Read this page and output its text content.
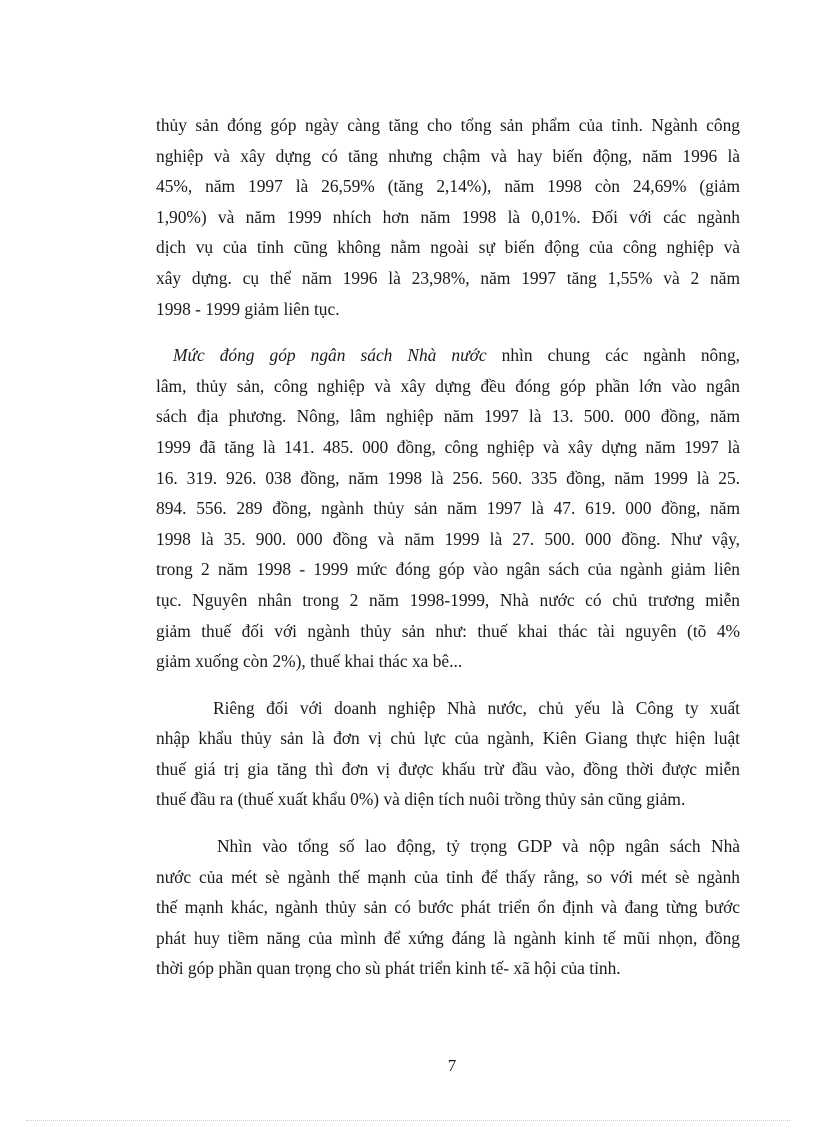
thủy sản đóng góp ngày càng tăng cho tổng sản phẩm của tỉnh. Ngành công
nghiệp và xây dựng có tăng nhưng chậm và hay biến động, năm 1996 là
45%, năm 1997 là 26,59% (tăng 2,14%), năm 1998 còn 24,69% (giảm
1,90%) và năm 1999 nhích hơn năm 1998 là 0,01%. Đối với các ngành
dịch vụ của tỉnh cũng không nằm ngoài sự biến động của công nghiệp và
xây dựng. cụ thể năm 1996 là 23,98%, năm 1997 tăng 1,55% và 2 năm
1998 - 1999 giảm liên tục.
Mức đóng góp ngân sách Nhà nước nhìn chung các ngành nông,
lâm, thủy sản, công nghiệp và xây dựng đều đóng góp phần lớn vào ngân
sách địa phương. Nông, lâm nghiệp năm 1997 là 13. 500. 000 đồng, năm
1999 đã tăng là 141. 485. 000 đồng, công nghiệp và xây dựng năm 1997 là
16. 319. 926. 038 đồng, năm 1998 là 256. 560. 335 đồng, năm 1999 là 25.
894. 556. 289 đồng, ngành thủy sản năm 1997 là 47. 619. 000 đồng, năm
1998 là 35. 900. 000 đồng và năm 1999 là 27. 500. 000 đồng. Như vậy,
trong 2 năm 1998 - 1999 mức đóng góp vào ngân sách của ngành giảm liên
tục. Nguyên nhân trong 2 năm 1998-1999, Nhà nước có chủ trương miễn
giảm thuế đối với ngành thủy sản như: thuế khai thác tài nguyên (tõ 4%
giảm xuống còn 2%), thuế khai thác xa bê...
Riêng đối với doanh nghiệp Nhà nước, chủ yếu là Công ty xuất
nhập khẩu thủy sản là đơn vị chủ lực của ngành, Kiên Giang thực hiện luật
thuế giá trị gia tăng thì đơn vị được khấu trừ đầu vào, đồng thời được miễn
thuế đầu ra (thuế xuất khẩu 0%) và diện tích nuôi trồng thủy sản cũng giảm.
Nhìn vào tổng số lao động, tỷ trọng GDP và nộp ngân sách Nhà
nước của mét sè ngành thế mạnh của tỉnh để thấy rằng, so với mét sè ngành
thế mạnh khác, ngành thủy sản có bước phát triển ổn định và đang từng bước
phát huy tiềm năng của mình để xứng đáng là ngành kinh tế mũi nhọn, đồng
thời góp phần quan trọng cho sù phát triển kinh tế- xã hội của tỉnh.
7
